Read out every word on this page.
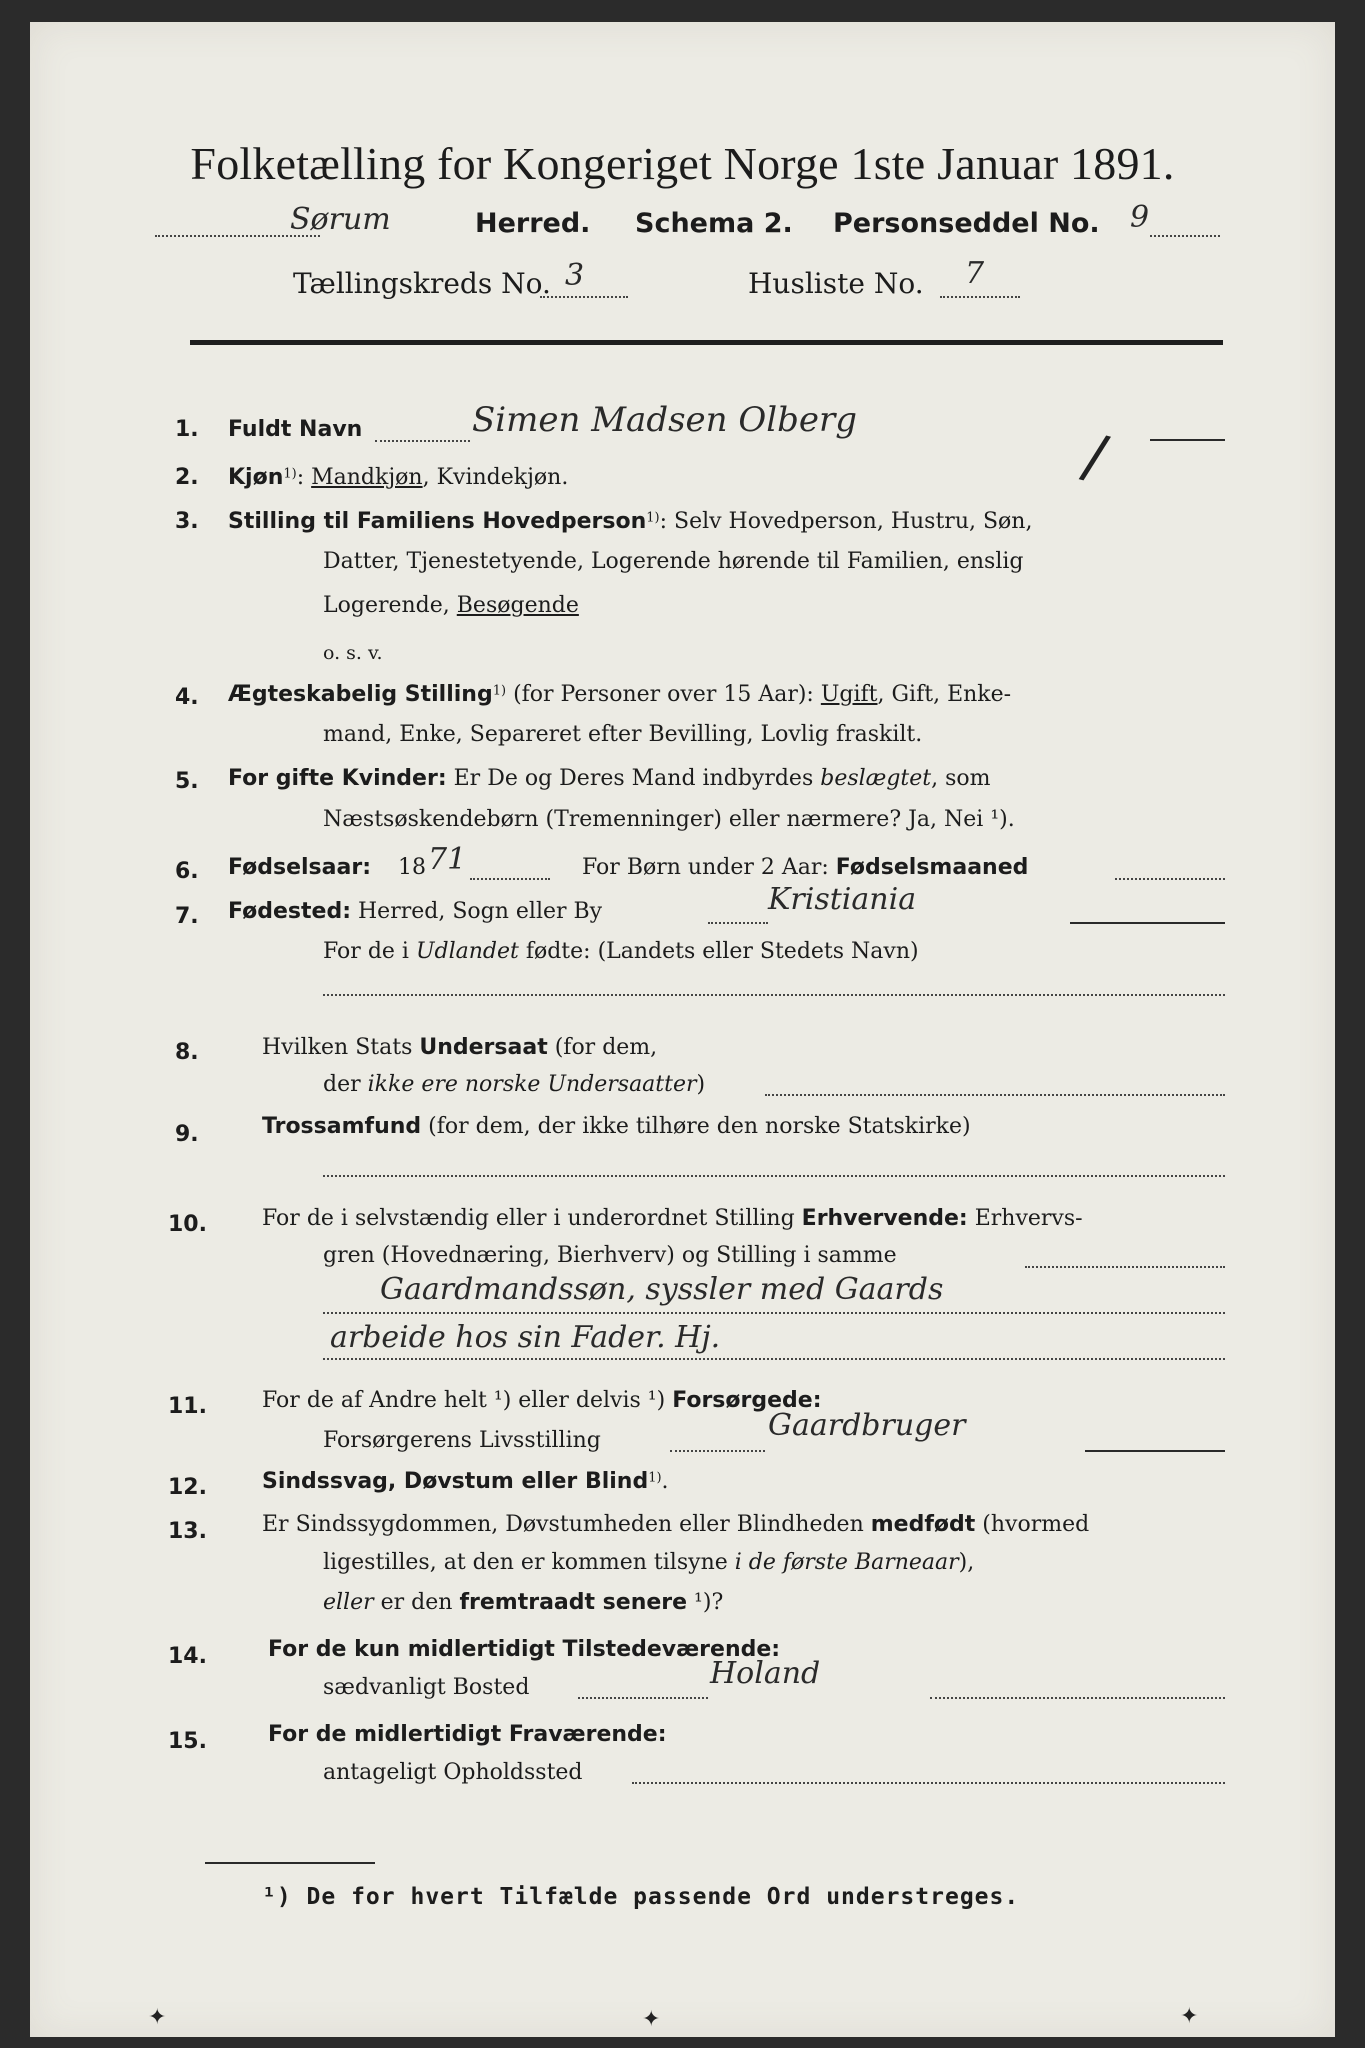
Folketælling for Kongeriget Norge 1ste Januar 1891.
Sørum	Herred. Schema 2. Personseddel No. 9
Tællingskreds No. 3	Husliste No. 7
1. Fuldt Navn	Simen Madsen Olberg
2. Kjøn$^{1)}$: Mandkjøn, Kvindekjøn.	/
3. Stilling til Familiens Hovedperson$^{1)}$: Selv Hovedperson, Hustru, Søn,
Datter, Tjenestetyende, Logerende hørende til Familien, enslig
Logerende, Besøgende
o. s. v.
4. Ægteskabelig Stilling$^{1)}$ (for Personer over 15 Aar): Ugift, Gift, Enke-
mand, Enke, Separeret efter Bevilling, Lovlig fraskilt.
5. For gifte Kvinder: Er De og Deres Mand indbyrdes beslægtet, som
Næstsøskendebørn (Tremenninger) eller nærmere? Ja, Nei ¹).
6. Fødselsaar: 18 71	For Børn under 2 Aar: Fødselsmaaned
7. Fødested: Herred, Sogn eller By	Kristiania
For de i Udlandet fødte: (Landets eller Stedets Navn)
8.	Hvilken Stats Undersaat (for dem,
der ikke ere norske Undersaatter)
9.	Trossamfund (for dem, der ikke tilhøre den norske Statskirke)
10.	For de i selvstændig eller i underordnet Stilling Erhvervende: Erhvervs-
gren (Hovednæring, Bierhverv) og Stilling i samme
Gaardmandssøn, syssler med Gaards
arbeide hos sin Fader. Hj.
11.	For de af Andre helt ¹) eller delvis ¹) Forsørgede:
Forsørgerens Livsstilling	Gaardbruger
12.	Sindssvag, Døvstum eller Blind$^{1)}$.
13.	Er Sindssygdommen, Døvstumheden eller Blindheden medfødt (hvormed
ligestilles, at den er kommen tilsyne i de første Barneaar),
eller er den fremtraadt senere ¹)?
14.	For de kun midlertidigt Tilstedeværende:
sædvanligt Bosted	Holand
15.	For de midlertidigt Fraværende:
antageligt Opholdssted
¹) De for hvert Tilfælde passende Ord understreges.
✦	✦	✦
